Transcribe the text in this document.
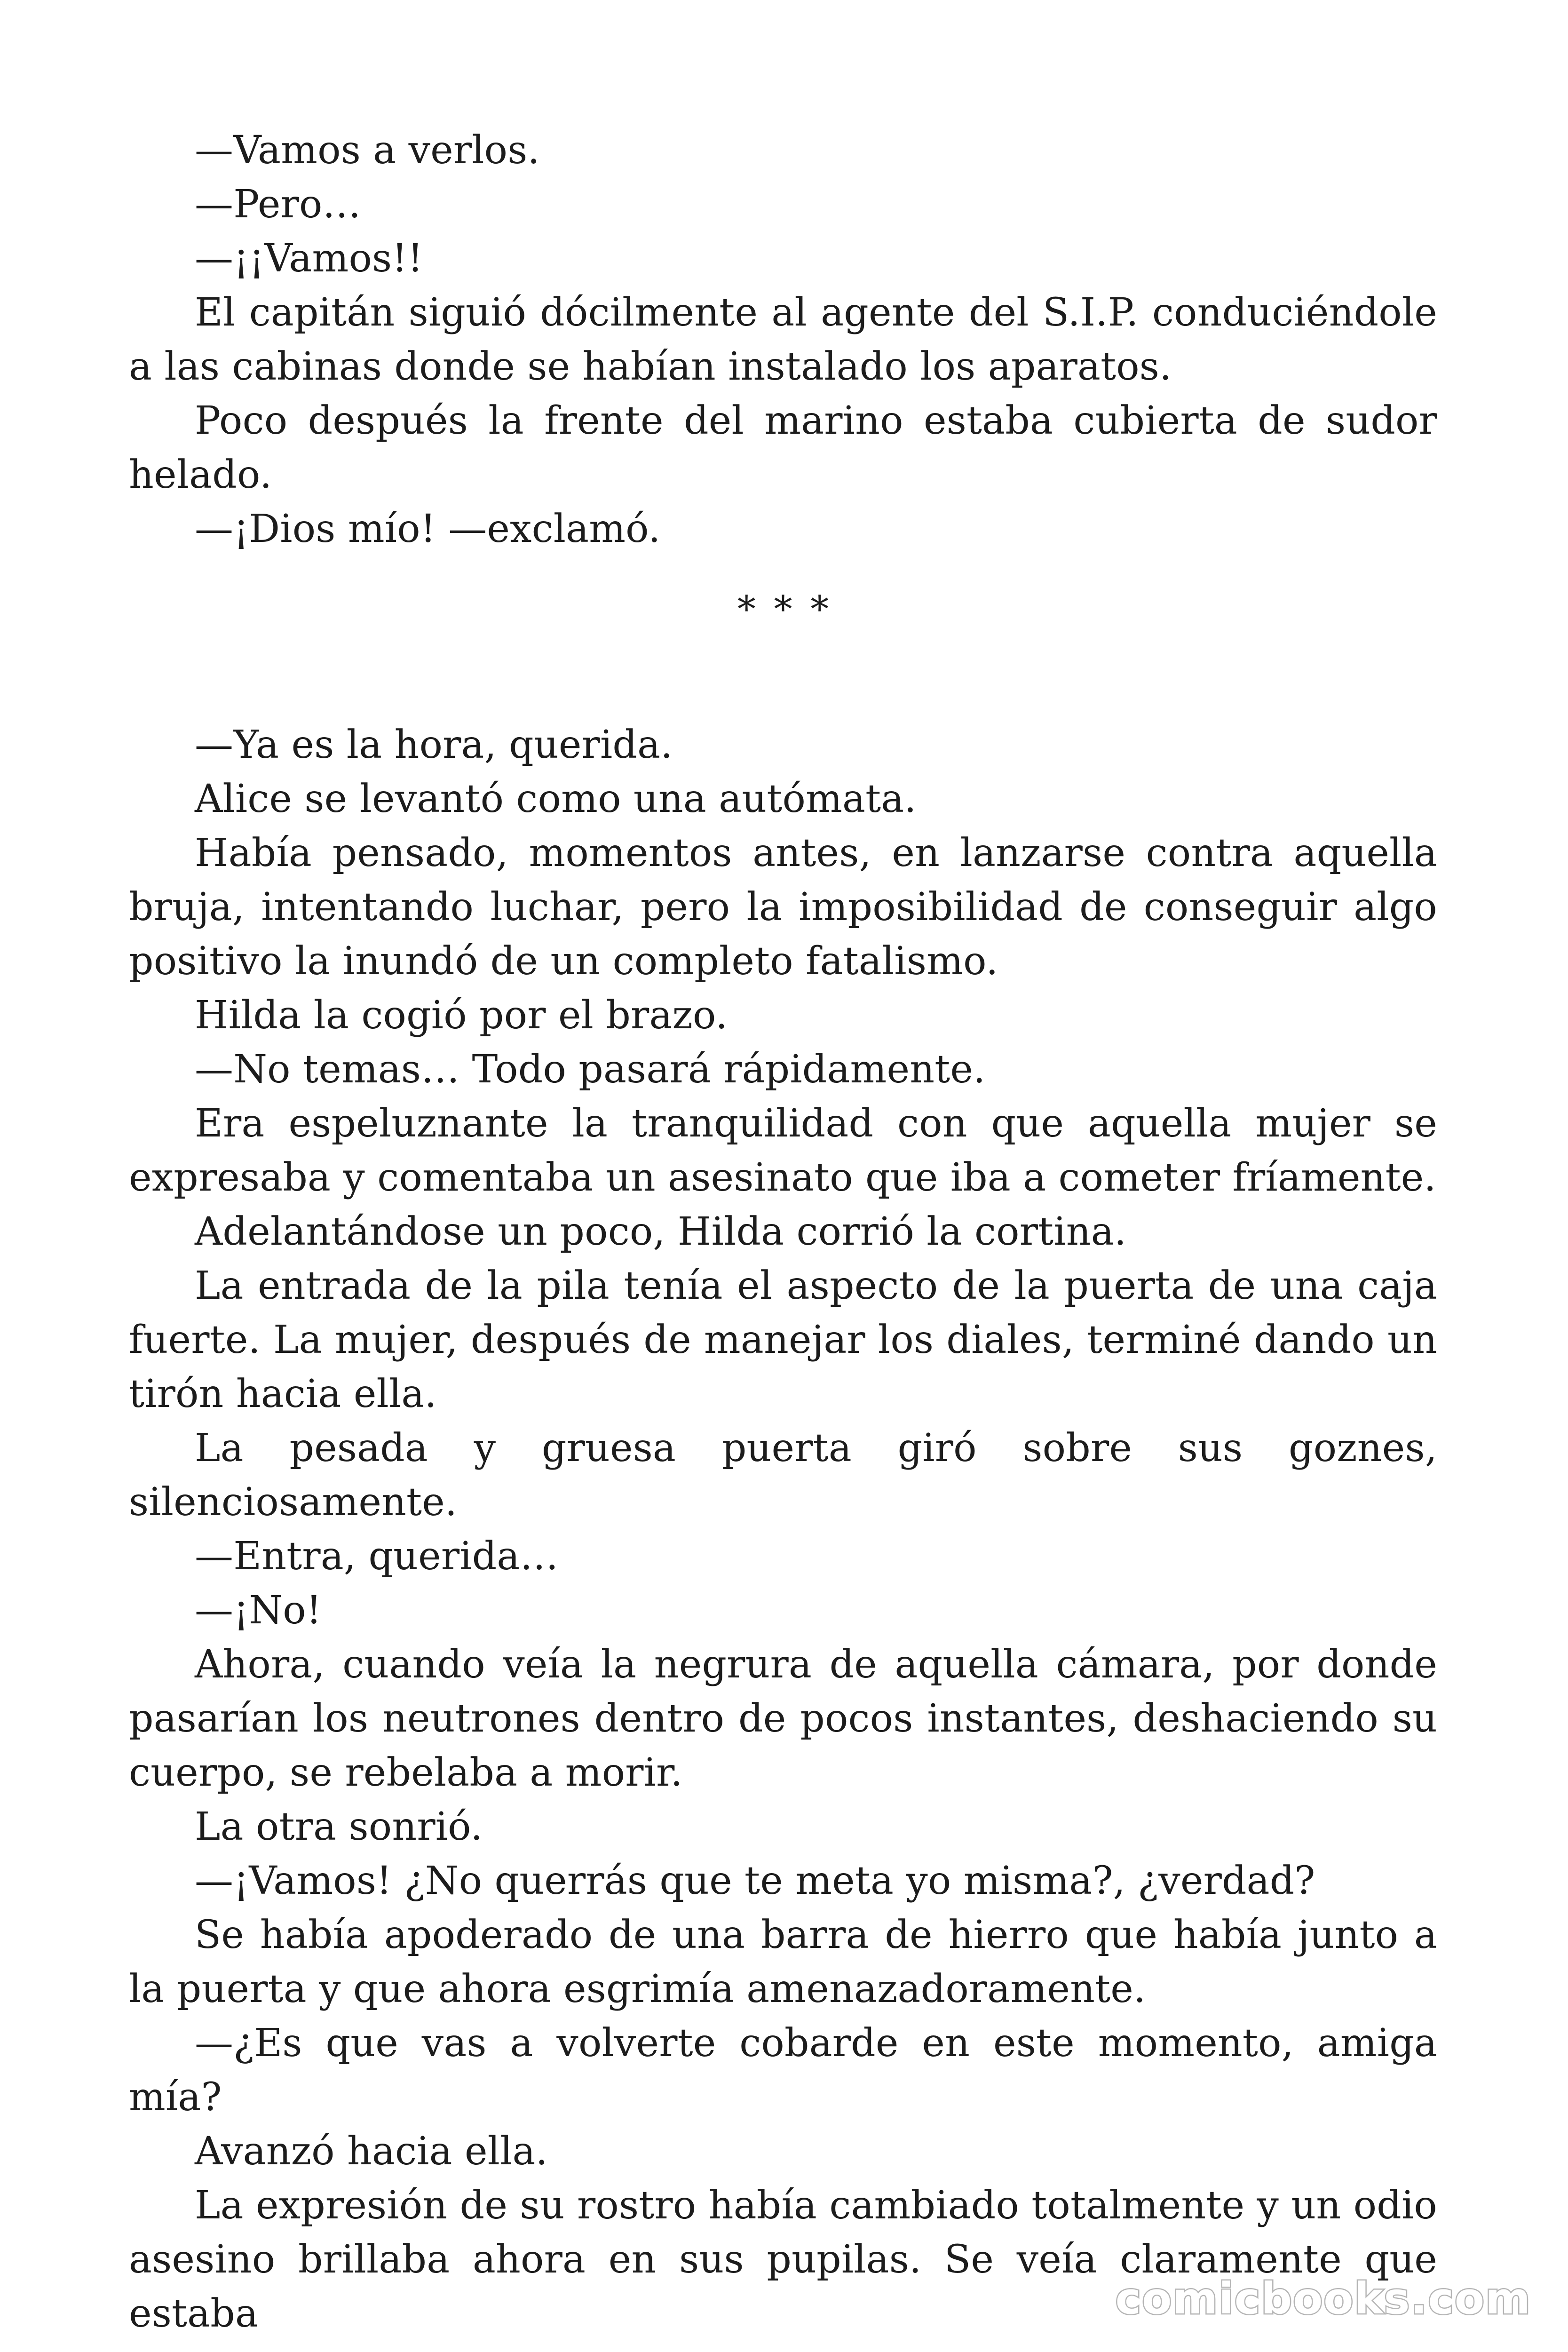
—Vamos a verlos.

—Pero…

—¡¡Vamos!!

El capitán siguió dócilmente al agente del S.I.P. conduciéndole a las cabinas donde se habían instalado los aparatos.

Poco después la frente del marino estaba cubierta de sudor helado.

—¡Dios mío! —exclamó.

* * *

—Ya es la hora, querida.

Alice se levantó como una autómata.

Había pensado, momentos antes, en lanzarse contra aquella bruja, intentando luchar, pero la imposibilidad de conseguir algo positivo la inundó de un completo fatalismo.

Hilda la cogió por el brazo.

—No temas… Todo pasará rápidamente.

Era espeluznante la tranquilidad con que aquella mujer se expresaba y comentaba un asesinato que iba a cometer fríamente.

Adelantándose un poco, Hilda corrió la cortina.

La entrada de la pila tenía el aspecto de la puerta de una caja fuerte. La mujer, después de manejar los diales, terminé dando un tirón hacia ella.

La pesada y gruesa puerta giró sobre sus goznes, silenciosamente.

—Entra, querida…

—¡No!

Ahora, cuando veía la negrura de aquella cámara, por donde pasarían los neutrones dentro de pocos instantes, deshaciendo su cuerpo, se rebelaba a morir.

La otra sonrió.

—¡Vamos! ¿No querrás que te meta yo misma?, ¿verdad?

Se había apoderado de una barra de hierro que había junto a la puerta y que ahora esgrimía amenazadoramente.

—¿Es que vas a volverte cobarde en este momento, amiga mía?

Avanzó hacia ella.

La expresión de su rostro había cambiado totalmente y un odio asesino brillaba ahora en sus pupilas. Se veía claramente que estaba	comicbooks.com
